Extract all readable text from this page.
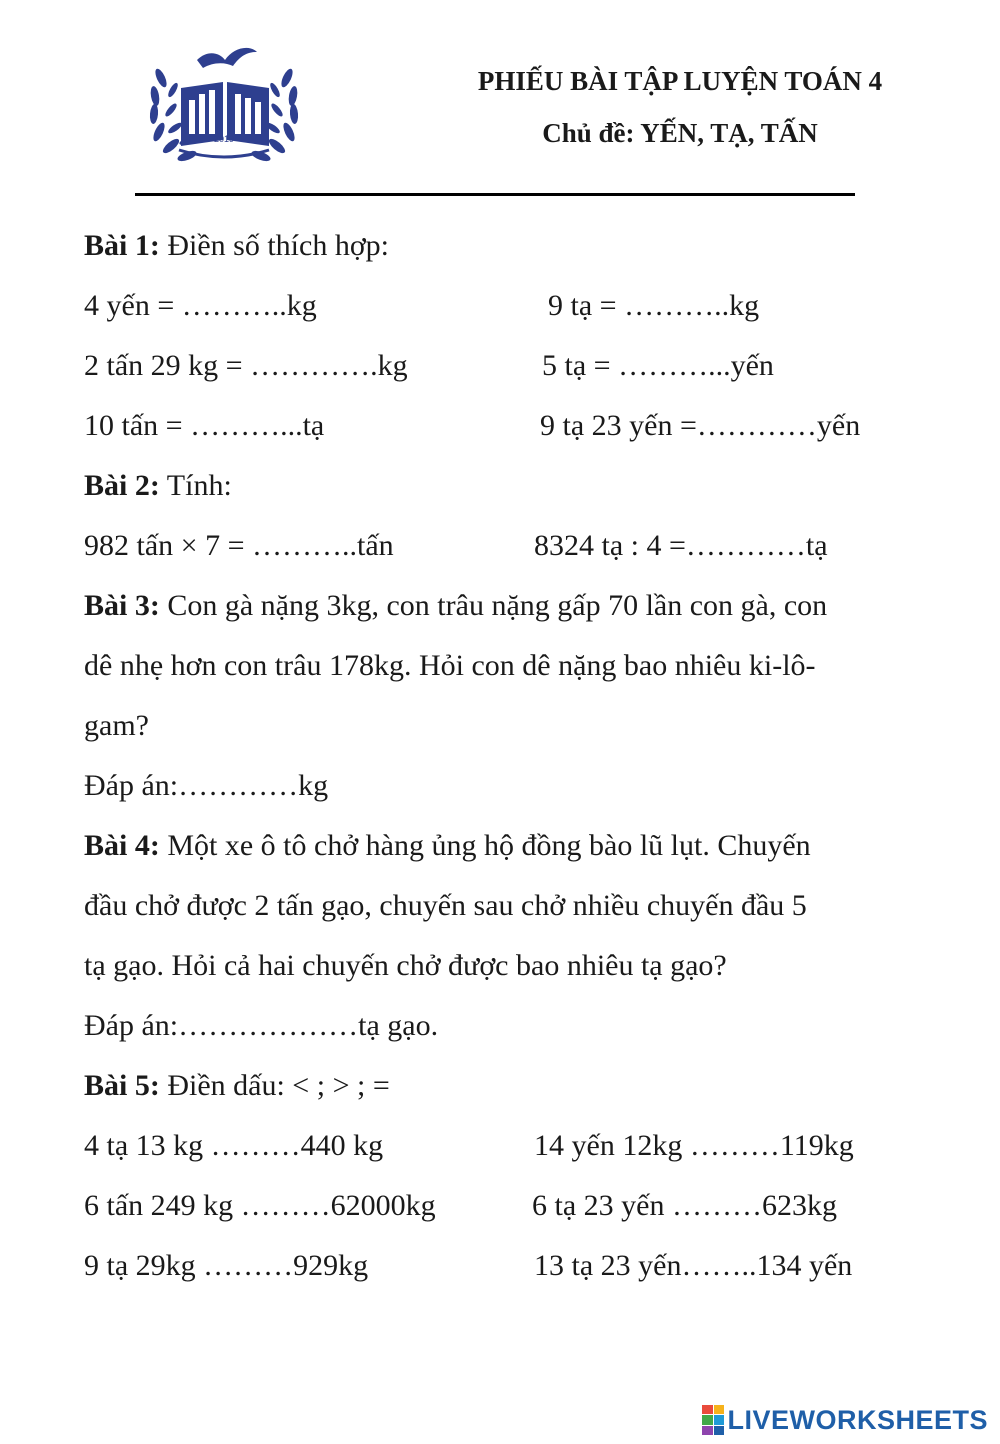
2019
PHIẾU BÀI TẬP LUYỆN TOÁN 4
Chủ đề: YẾN, TẠ, TẤN
Bài 1: Điền số thích hợp:
4 yến = ………..kg	9 tạ = ………..kg
2 tấn 29 kg = ………….kg	5 tạ = ………...yến
10 tấn = ………...tạ	9 tạ 23 yến =…………yến
Bài 2: Tính:
982 tấn × 7 = ………..tấn	8324 tạ : 4 =…………tạ
Bài 3: Con gà nặng 3kg, con trâu nặng gấp 70 lần con gà, con
dê nhẹ hơn con trâu 178kg. Hỏi con dê nặng bao nhiêu ki-lô-
gam?
Đáp án:…………kg
Bài 4: Một xe ô tô chở hàng ủng hộ đồng bào lũ lụt. Chuyến
đầu chở được 2 tấn gạo, chuyến sau chở nhiều chuyến đầu 5
tạ gạo. Hỏi cả hai chuyến chở được bao nhiêu tạ gạo?
Đáp án:………………tạ gạo.
Bài 5: Điền dấu: < ; > ; =
4 tạ 13 kg ………440 kg	14 yến 12kg ………119kg
6 tấn 249 kg ………62000kg	6 tạ 23 yến ………623kg
9 tạ 29kg ………929kg	13 tạ 23 yến……..134 yến
LIVEWORKSHEETS
